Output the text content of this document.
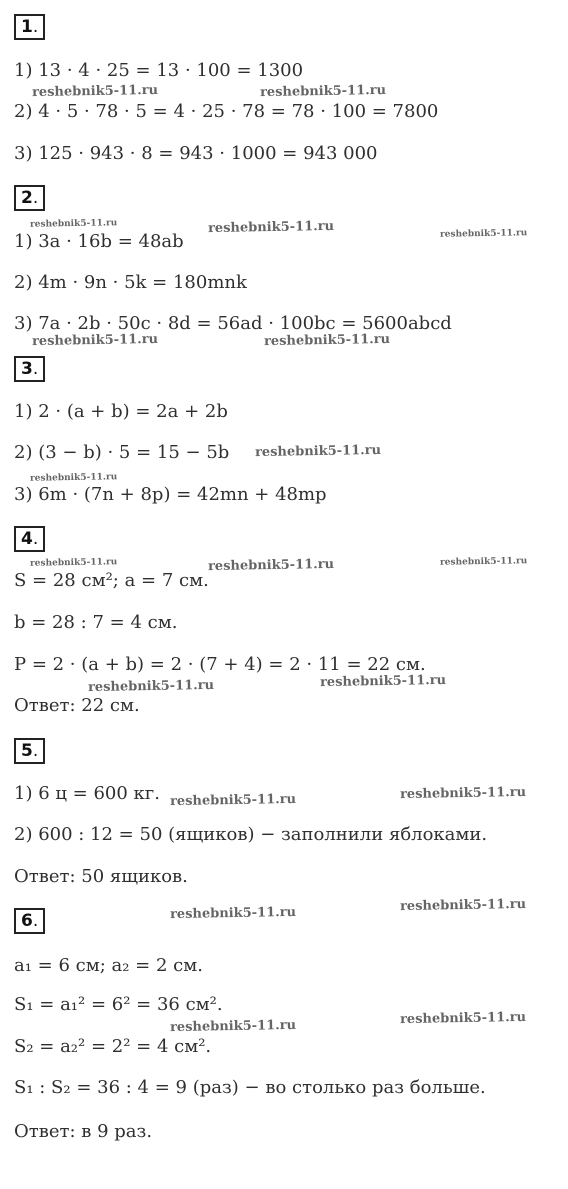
1.
1) 13 · 4 · 25 = 13 · 100 = 1300
2) 4 · 5 · 78 · 5 = 4 · 25 · 78 = 78 · 100 = 7800
3) 125 · 943 · 8 = 943 · 1000 = 943 000
2.
1) 3a · 16b = 48ab
2) 4m · 9n · 5k = 180mnk
3) 7a · 2b · 50c · 8d = 56ad · 100bc = 5600abcd
3.
1) 2 · (a + b) = 2a + 2b
2) (3 − b) · 5 = 15 − 5b
3) 6m · (7n + 8p) = 42mn + 48mp
4.
S = 28 см²; a = 7 см.
b = 28 : 7 = 4 см.
P = 2 · (a + b) = 2 · (7 + 4) = 2 · 11 = 22 см.
Ответ: 22 см.
5.
1) 6 ц = 600 кг.
2) 600 : 12 = 50 (ящиков) − заполнили яблоками.
Ответ: 50 ящиков.
6.
a₁ = 6 см; a₂ = 2 см.
S₁ = a₁² = 6² = 36 см².
S₂ = a₂² = 2² = 4 см².
S₁ : S₂ = 36 : 4 = 9 (раз) − во столько раз больше.
Ответ: в 9 раз.
reshebnik5-11.ru	reshebnik5-11.ru
reshebnik5-11.ru	reshebnik5-11.ru	reshebnik5-11.ru
reshebnik5-11.ru	reshebnik5-11.ru
reshebnik5-11.ru
reshebnik5-11.ru
reshebnik5-11.ru	reshebnik5-11.ru	reshebnik5-11.ru
reshebnik5-11.ru	reshebnik5-11.ru
reshebnik5-11.ru	reshebnik5-11.ru
reshebnik5-11.ru	reshebnik5-11.ru
reshebnik5-11.ru	reshebnik5-11.ru
